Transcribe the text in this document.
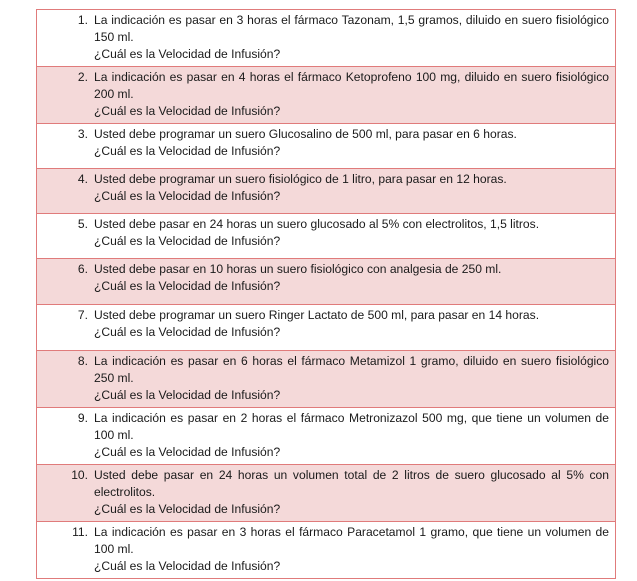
1. La indicación es pasar en 3 horas el fármaco Tazonam, 1,5 gramos, diluido en suero fisiológico 150 ml.
¿Cuál es la Velocidad de Infusión?

2. La indicación es pasar en 4 horas el fármaco Ketoprofeno 100 mg, diluido en suero fisiológico 200 ml.
¿Cuál es la Velocidad de Infusión?

3. Usted debe programar un suero Glucosalino de 500 ml, para pasar en 6 horas.
¿Cuál es la Velocidad de Infusión?

4. Usted debe programar un suero fisiológico de 1 litro, para pasar en 12 horas.
¿Cuál es la Velocidad de Infusión?

5. Usted debe pasar en 24 horas un suero glucosado al 5% con electrolitos, 1,5 litros.
¿Cuál es la Velocidad de Infusión?

6. Usted debe pasar en 10 horas un suero fisiológico con analgesia de 250 ml.
¿Cuál es la Velocidad de Infusión?

7. Usted debe programar un suero Ringer Lactato de 500 ml, para pasar en 14 horas.
¿Cuál es la Velocidad de Infusión?

8. La indicación es pasar en 6 horas el fármaco Metamizol 1 gramo, diluido en suero fisiológico 250 ml.
¿Cuál es la Velocidad de Infusión?

9. La indicación es pasar en 2 horas el fármaco Metronizazol 500 mg, que tiene un volumen de 100 ml.
¿Cuál es la Velocidad de Infusión?

10. Usted debe pasar en 24 horas un volumen total de 2 litros de suero glucosado al 5% con electrolitos.
¿Cuál es la Velocidad de Infusión?

11. La indicación es pasar en 3 horas el fármaco Paracetamol 1 gramo, que tiene un volumen de 100 ml.
¿Cuál es la Velocidad de Infusión?
